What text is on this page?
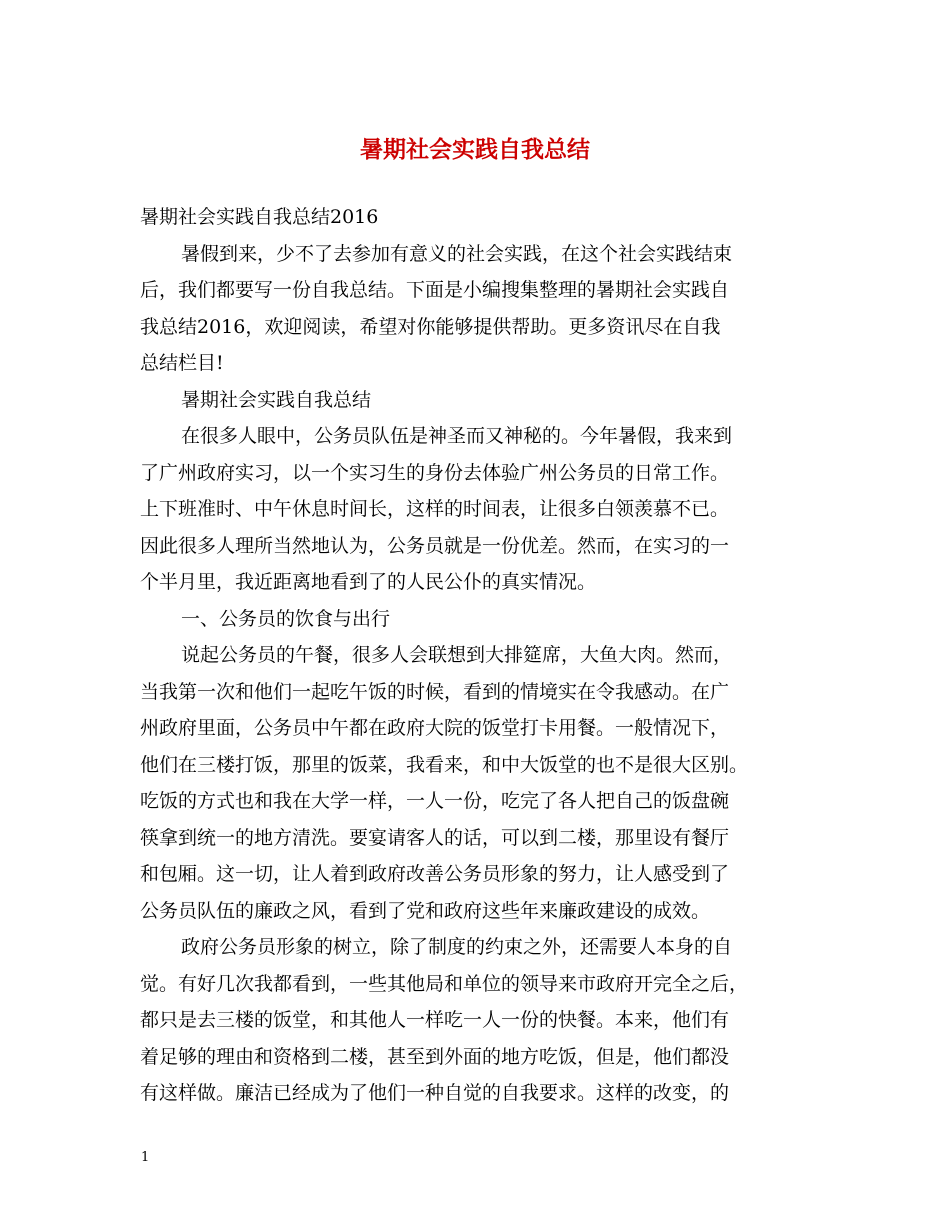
暑期社会实践自我总结
暑期社会实践自我总结2016
暑假到来，少不了去参加有意义的社会实践，在这个社会实践结束
后，我们都要写一份自我总结。下面是小编搜集整理的暑期社会实践自
我总结2016，欢迎阅读，希望对你能够提供帮助。更多资讯尽在自我
总结栏目!
暑期社会实践自我总结
在很多人眼中，公务员队伍是神圣而又神秘的。今年暑假，我来到
了广州政府实习，以一个实习生的身份去体验广州公务员的日常工作。
上下班准时、中午休息时间长，这样的时间表，让很多白领羡慕不已。
因此很多人理所当然地认为，公务员就是一份优差。然而，在实习的一
个半月里，我近距离地看到了的人民公仆的真实情况。
一、公务员的饮食与出行
说起公务员的午餐，很多人会联想到大排筵席，大鱼大肉。然而，
当我第一次和他们一起吃午饭的时候，看到的情境实在令我感动。在广
州政府里面，公务员中午都在政府大院的饭堂打卡用餐。一般情况下，
他们在三楼打饭，那里的饭菜，我看来，和中大饭堂的也不是很大区别。
吃饭的方式也和我在大学一样，一人一份，吃完了各人把自己的饭盘碗
筷拿到统一的地方清洗。要宴请客人的话，可以到二楼，那里设有餐厅
和包厢。这一切，让人着到政府改善公务员形象的努力，让人感受到了
公务员队伍的廉政之风，看到了党和政府这些年来廉政建设的成效。
政府公务员形象的树立，除了制度的约束之外，还需要人本身的自
觉。有好几次我都看到，一些其他局和单位的领导来市政府开完全之后，
都只是去三楼的饭堂，和其他人一样吃一人一份的快餐。本来，他们有
着足够的理由和资格到二楼，甚至到外面的地方吃饭，但是，他们都没
有这样做。廉洁已经成为了他们一种自觉的自我要求。这样的改变，的
1
